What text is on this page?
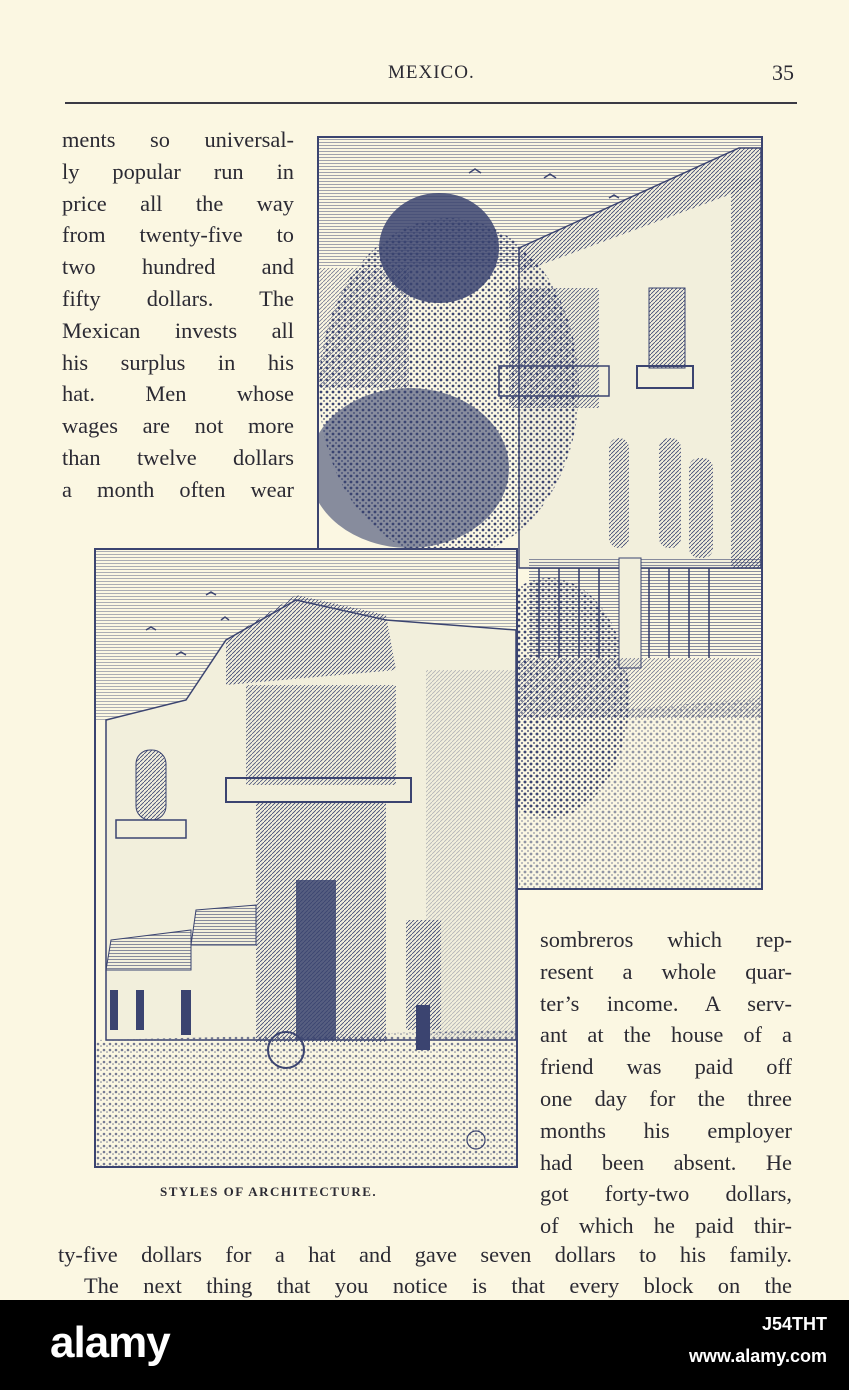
MEXICO.	35
ments so universal-
ly popular run in
price all the way
from twenty-five to
two hundred and
fifty dollars. The
Mexican invests all
his surplus in his
hat. Men whose
wages are not more
than twelve dollars
a month often wear
STYLES OF ARCHITECTURE.
sombreros which rep-
resent a whole quar-
ter’s income. A serv-
ant at the house of a
friend was paid off
one day for the three
months his employer
had been absent. He
got forty-two dollars,
of which he paid thir-
ty-five dollars for a hat and gave seven dollars to his family.
The next thing that you notice is that every block on the
alamy	J54THT
www.alamy.com
